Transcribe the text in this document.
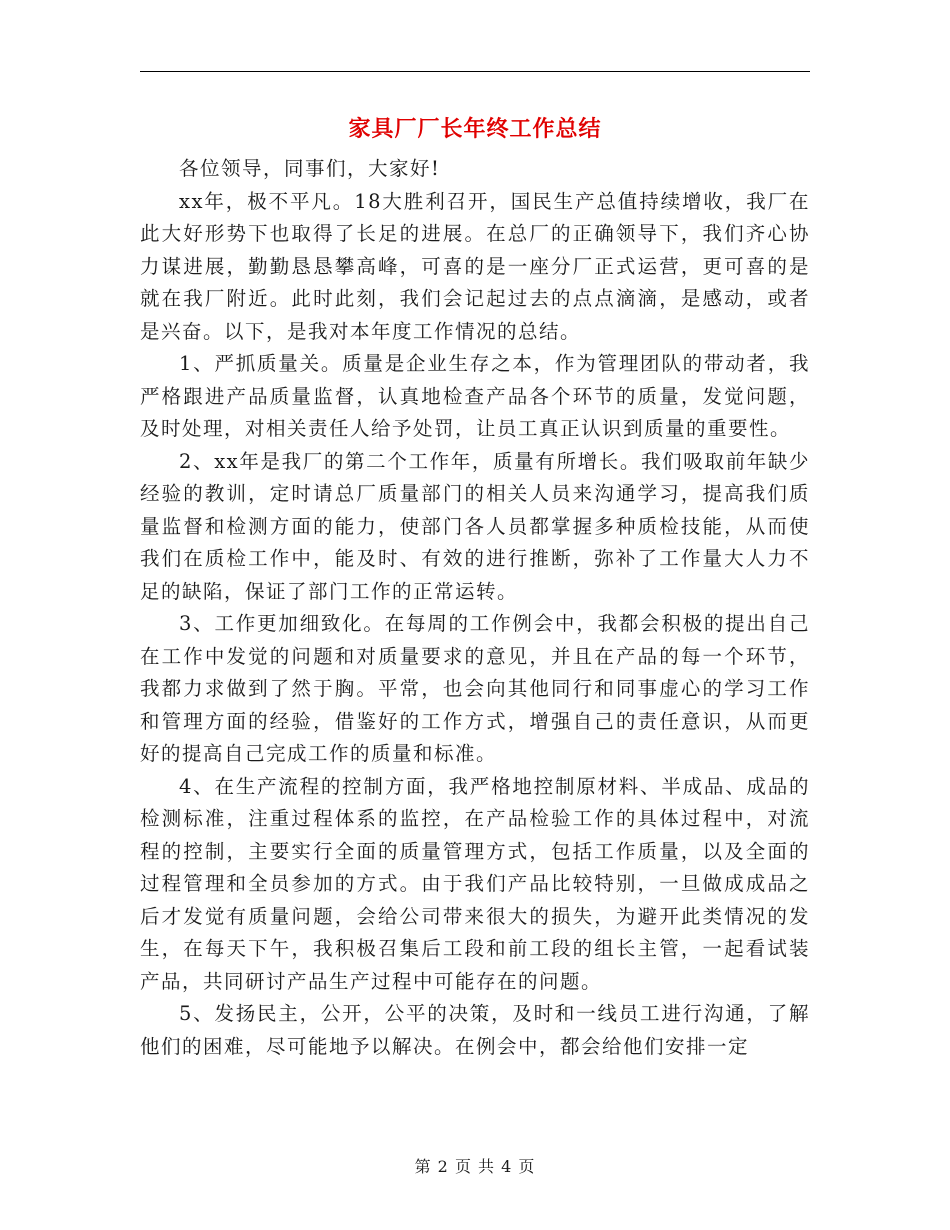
家具厂厂长年终工作总结

各位领导，同事们，大家好!

xx年，极不平凡。18大胜利召开，国民生产总值持续增收，我厂在此大好形势下也取得了长足的进展。在总厂的正确领导下，我们齐心协力谋进展，勤勤恳恳攀高峰，可喜的是一座分厂正式运营，更可喜的是就在我厂附近。此时此刻，我们会记起过去的点点滴滴，是感动，或者是兴奋。以下，是我对本年度工作情况的总结。

1、严抓质量关。质量是企业生存之本，作为管理团队的带动者，我严格跟进产品质量监督，认真地检查产品各个环节的质量，发觉问题，及时处理，对相关责任人给予处罚，让员工真正认识到质量的重要性。

2、xx年是我厂的第二个工作年，质量有所增长。我们吸取前年缺少经验的教训，定时请总厂质量部门的相关人员来沟通学习，提高我们质量监督和检测方面的能力，使部门各人员都掌握多种质检技能，从而使我们在质检工作中，能及时、有效的进行推断，弥补了工作量大人力不足的缺陷，保证了部门工作的正常运转。

3、工作更加细致化。在每周的工作例会中，我都会积极的提出自己在工作中发觉的问题和对质量要求的意见，并且在产品的每一个环节，我都力求做到了然于胸。平常，也会向其他同行和同事虚心的学习工作和管理方面的经验，借鉴好的工作方式，增强自己的责任意识，从而更好的提高自己完成工作的质量和标准。

4、在生产流程的控制方面，我严格地控制原材料、半成品、成品的检测标准，注重过程体系的监控，在产品检验工作的具体过程中，对流程的控制，主要实行全面的质量管理方式，包括工作质量，以及全面的过程管理和全员参加的方式。由于我们产品比较特别，一旦做成成品之后才发觉有质量问题，会给公司带来很大的损失，为避开此类情况的发生，在每天下午，我积极召集后工段和前工段的组长主管，一起看试装产品，共同研讨产品生产过程中可能存在的问题。

5、发扬民主，公开，公平的决策，及时和一线员工进行沟通，了解他们的困难，尽可能地予以解决。在例会中，都会给他们安排一定

第 2 页 共 4 页
